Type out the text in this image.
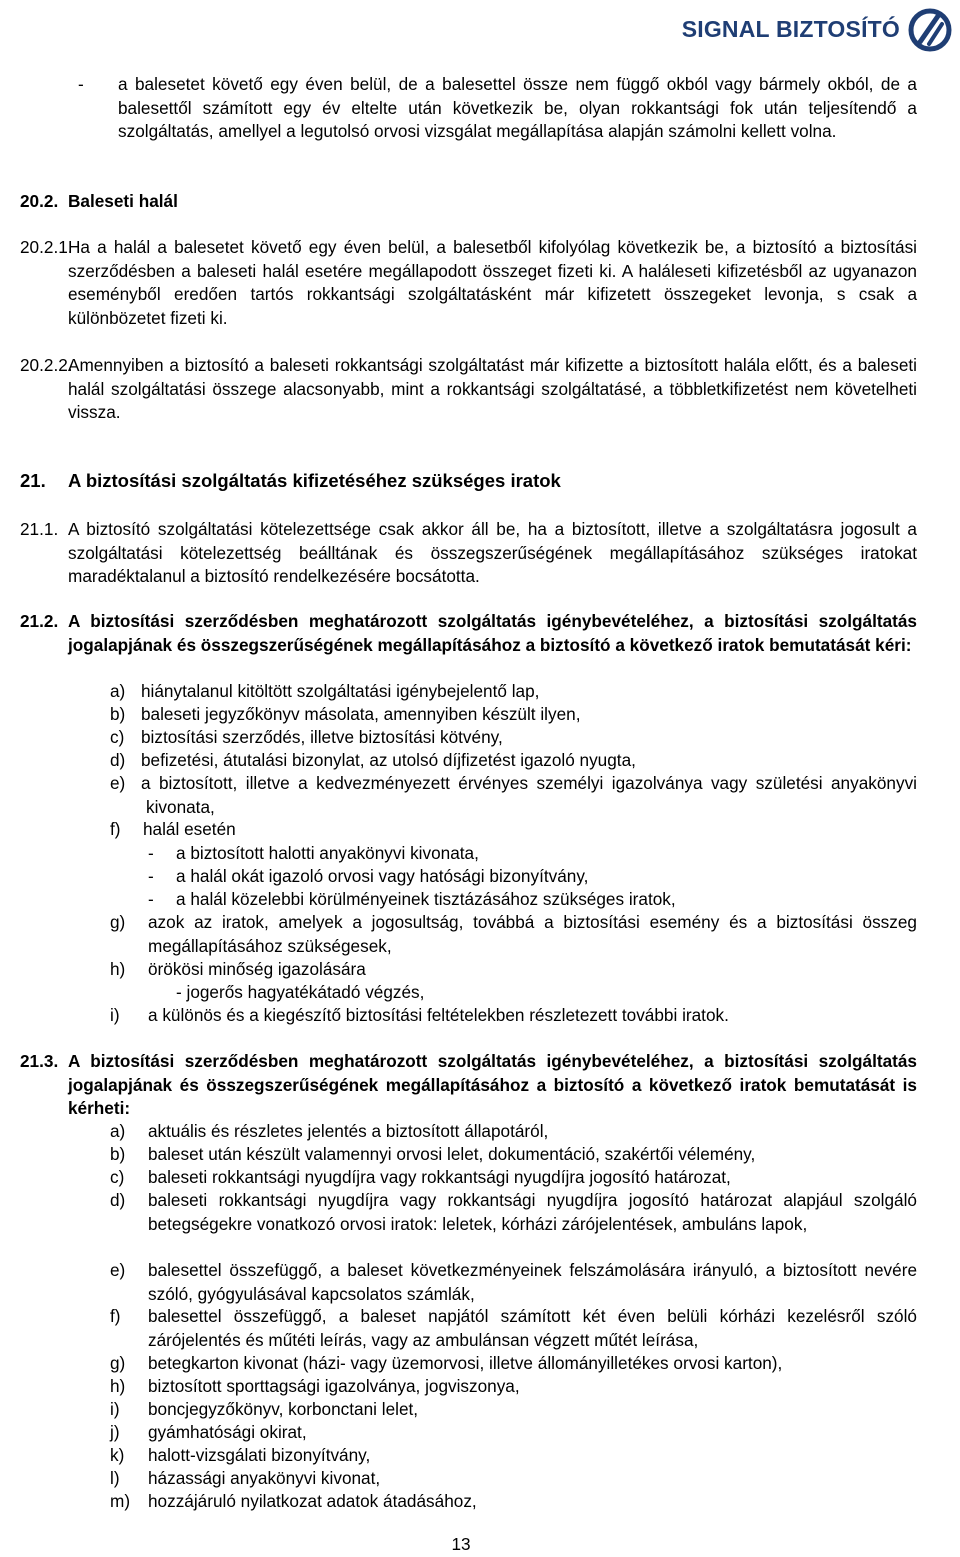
SIGNAL BIZTOSÍTÓ
- a balesetet követő egy éven belül, de a balesettel össze nem függő okból vagy bármely okból, de a balesettől számított egy év eltelte után következik be, olyan rokkantsági fok után teljesítendő a szolgáltatás, amellyel a legutolsó orvosi vizsgálat megállapítása alapján számolni kellett volna.

20.2. Baleseti halál
20.2.1.

Ha a halál a balesetet követő egy éven belül, a balesetből kifolyólag következik be, a biztosító a biztosítási szerződésben a baleseti halál esetére megállapodott összeget fizeti ki. A haláleseti kifizetésből az ugyanazon eseményből eredően tartós rokkantsági szolgáltatásként már kifizetett összegeket levonja, s csak a különbözetet fizeti ki.

20.2.2.

Amennyiben a biztosító a baleseti rokkantsági szolgáltatást már kifizette a biztosított halála előtt, és a baleseti halál szolgáltatási összege alacsonyabb, mint a rokkantsági szolgáltatásé, a többletkifizetést nem követelheti vissza.

21. A biztosítási szolgáltatás kifizetéséhez szükséges iratok
21.1. A biztosító szolgáltatási kötelezettsége csak akkor áll be, ha a biztosított, illetve a szolgáltatásra jogosult a szolgáltatási kötelezettség beálltának és összegszerűségének megállapításához szükséges iratokat maradéktalanul a biztosító rendelkezésére bocsátotta.

21.2. A biztosítási szerződésben meghatározott szolgáltatás igénybevételéhez, a biztosítási szolgáltatás jogalapjának és összegszerűségének megállapításához a biztosító a következő iratok bemutatását kéri:

a) hiánytalanul kitöltött szolgáltatási igénybejelentő lap,
b) baleseti jegyzőkönyv másolata, amennyiben készült ilyen,
c) biztosítási szerződés, illetve biztosítási kötvény,
d) befizetési, átutalási bizonylat, az utolsó díjfizetést igazoló nyugta,
e) a biztosított, illetve a kedvezményezett érvényes személyi igazolványa vagy születési anyakönyvi kivonata,

f) halál esetén
- a biztosított halotti anyakönyvi kivonata,
- a halál okát igazoló orvosi vagy hatósági bizonyítvány,
- a halál közelebbi körülményeinek tisztázásához szükséges iratok,
g) azok az iratok, amelyek a jogosultság, továbbá a biztosítási esemény és a biztosítási összeg megállapításához szükségesek,

h) örökösi minőség igazolására
- jogerős hagyatékátadó végzés,
i) a különös és a kiegészítő biztosítási feltételekben részletezett további iratok.
21.3. A biztosítási szerződésben meghatározott szolgáltatás igénybevételéhez, a biztosítási szolgáltatás jogalapjának és összegszerűségének megállapításához a biztosító a következő iratok bemutatását is kérheti:

a) aktuális és részletes jelentés a biztosított állapotáról,
b) baleset után készült valamennyi orvosi lelet, dokumentáció, szakértői vélemény,
c) baleseti rokkantsági nyugdíjra vagy rokkantsági nyugdíjra jogosító határozat,
d) baleseti rokkantsági nyugdíjra vagy rokkantsági nyugdíjra jogosító határozat alapjául szolgáló betegségekre vonatkozó orvosi iratok: leletek, kórházi zárójelentések, ambuláns lapok,

e) balesettel összefüggő, a baleset következményeinek felszámolására irányuló, a biztosított nevére szóló, gyógyulásával kapcsolatos számlák,

f) balesettel összefüggő, a baleset napjától számított két éven belüli kórházi kezelésről szóló zárójelentés és műtéti leírás, vagy az ambulánsan végzett műtét leírása,

g) betegkarton kivonat (házi- vagy üzemorvosi, illetve állományilletékes orvosi karton),
h) biztosított sporttagsági igazolványa, jogviszonya,
i) boncjegyzőkönyv, korbonctani lelet,
j) gyámhatósági okirat,
k) halott-vizsgálati bizonyítvány,
l) házassági anyakönyvi kivonat,
m) hozzájáruló nyilatkozat adatok átadásához,
13
